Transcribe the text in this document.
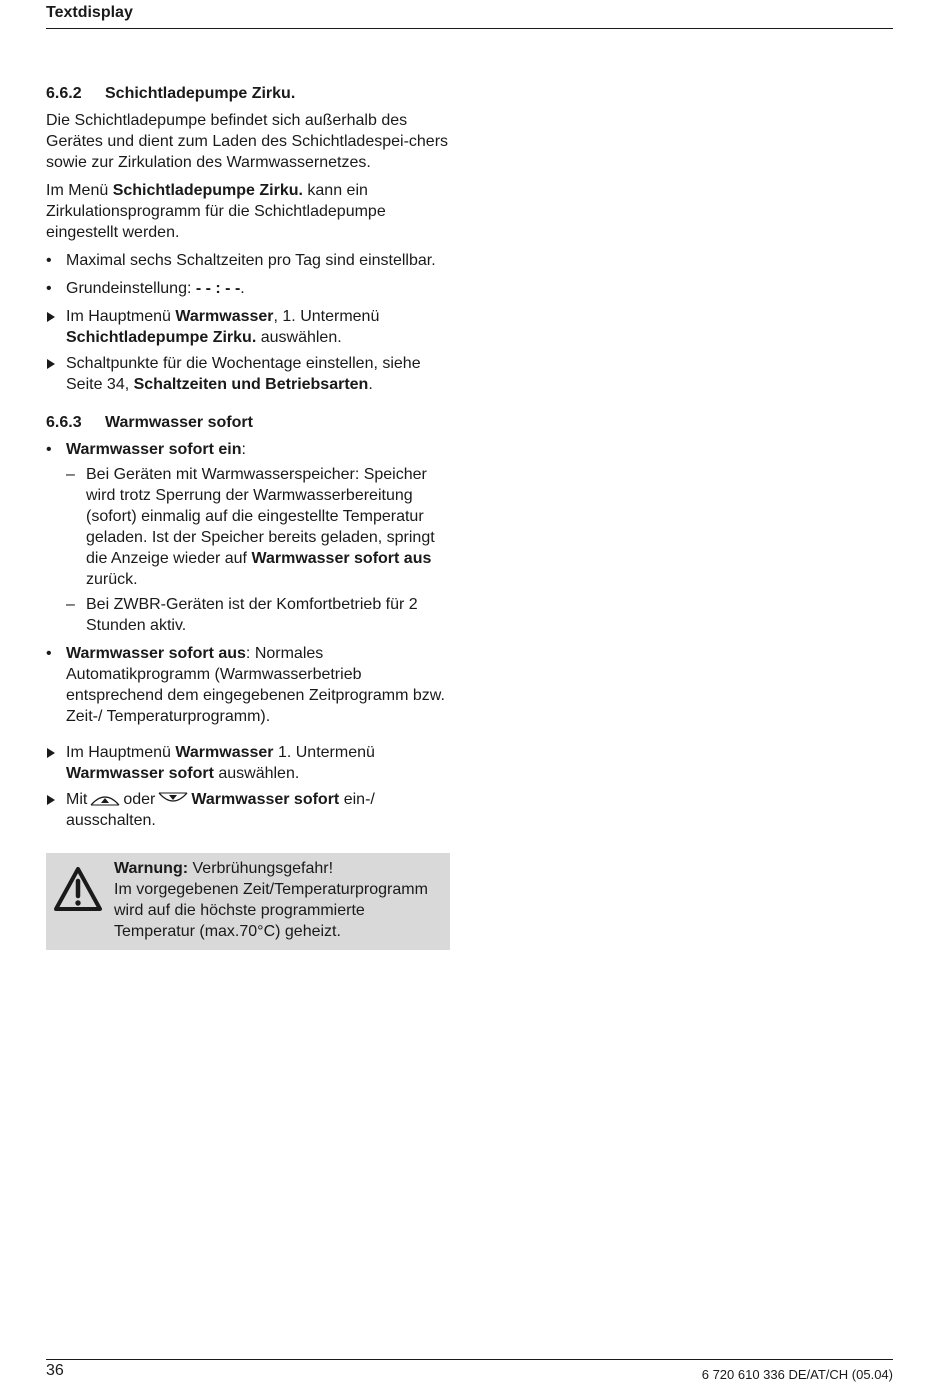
Textdisplay
6.6.2	Schichtladepumpe Zirku.

Die Schichtladepumpe befindet sich außerhalb des Gerätes und dient zum Laden des Schichtladespei-chers sowie zur Zirkulation des Warmwassernetzes.

Im Menü Schichtladepumpe Zirku. kann ein Zirkulationsprogramm für die Schichtladepumpe eingestellt werden.

• Maximal sechs Schaltzeiten pro Tag sind einstellbar.
• Grundeinstellung: - - : - -.
Im Hauptmenü Warmwasser, 1. Untermenü Schichtladepumpe Zirku. auswählen.
Schaltpunkte für die Wochentage einstellen, siehe Seite 34, Schaltzeiten und Betriebsarten.
6.6.3	Warmwasser sofort
• Warmwasser sofort ein:
– Bei Geräten mit Warmwasserspeicher: Speicher wird trotz Sperrung der Warmwasserbereitung (sofort) einmalig auf die eingestellte Temperatur geladen. Ist der Speicher bereits geladen, springt die Anzeige wieder auf Warmwasser sofort aus zurück.
– Bei ZWBR-Geräten ist der Komfortbetrieb für 2 Stunden aktiv.
• Warmwasser sofort aus: Normales Automatikprogramm (Warmwasserbetrieb entsprechend dem eingegebenen Zeitprogramm bzw. Zeit-/ Temperaturprogramm).
Im Hauptmenü Warmwasser 1. Untermenü Warmwasser sofort auswählen.
Mit oder Warmwasser sofort ein-/ ausschalten.
Warnung: Verbrühungsgefahr!
Im vorgegebenen Zeit/Temperaturprogramm wird auf die höchste programmierte Temperatur (max.70°C) geheizt.
36	6 720 610 336 DE/AT/CH (05.04)
